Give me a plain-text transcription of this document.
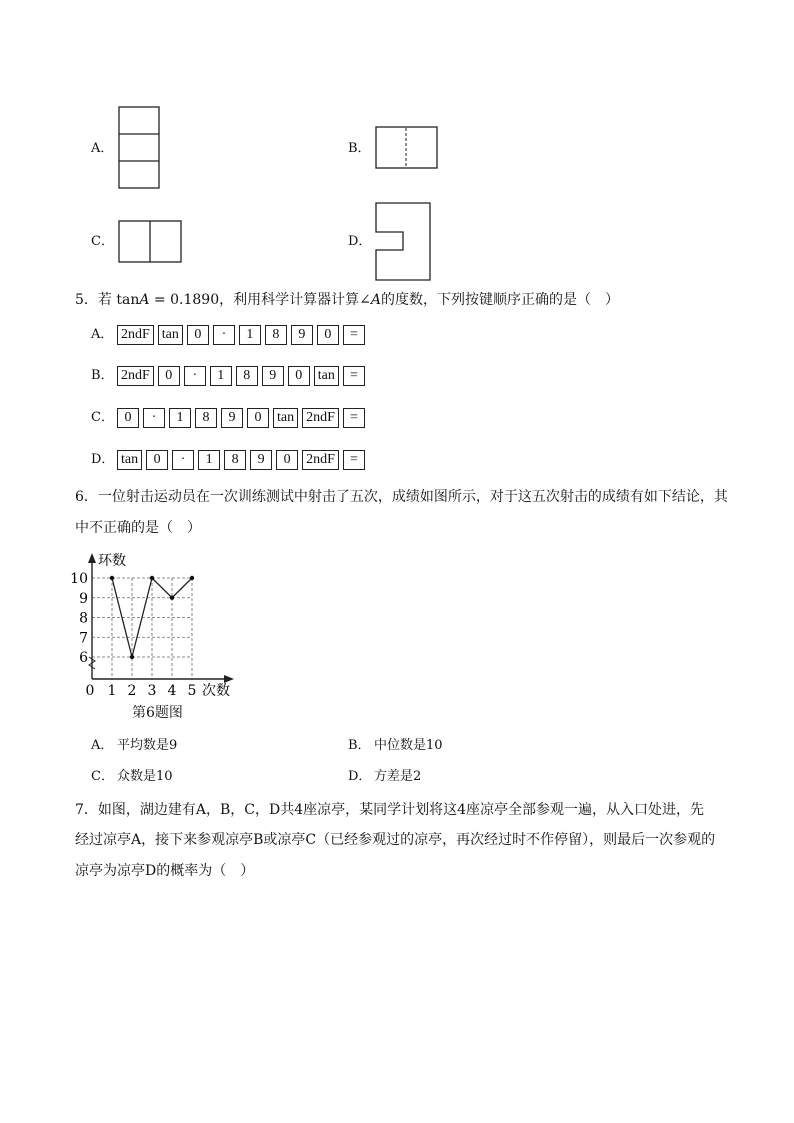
A．	B．
C．	D．
5．若 tanA = 0.1890，利用科学计算器计算∠A的度数，下列按键顺序正确的是（　）
A． 2ndF tan	0	·	1	8	9	0	=
B． 2ndF	0	·	1	8	9	0	tan	=
C． 0	·	1	8	9	0	tan 2ndF	=
D． tan	0	·	1	8	9	0	2ndF	=
6．一位射击运动员在一次训练测试中射击了五次，成绩如图所示，对于这五次射击的成绩有如下结论，其
中不正确的是（　）
环数
次数
6
7
8
9
10
0 1 2 3 4 5
第6题图
A． 平均数是9	B． 中位数是10
C． 众数是10	D． 方差是2
7．如图，湖边建有A，B，C，D共4座凉亭，某同学计划将这4座凉亭全部参观一遍，从入口处进，先
经过凉亭A，接下来参观凉亭B或凉亭C（已经参观过的凉亭，再次经过时不作停留），则最后一次参观的
凉亭为凉亭D的概率为（　）
